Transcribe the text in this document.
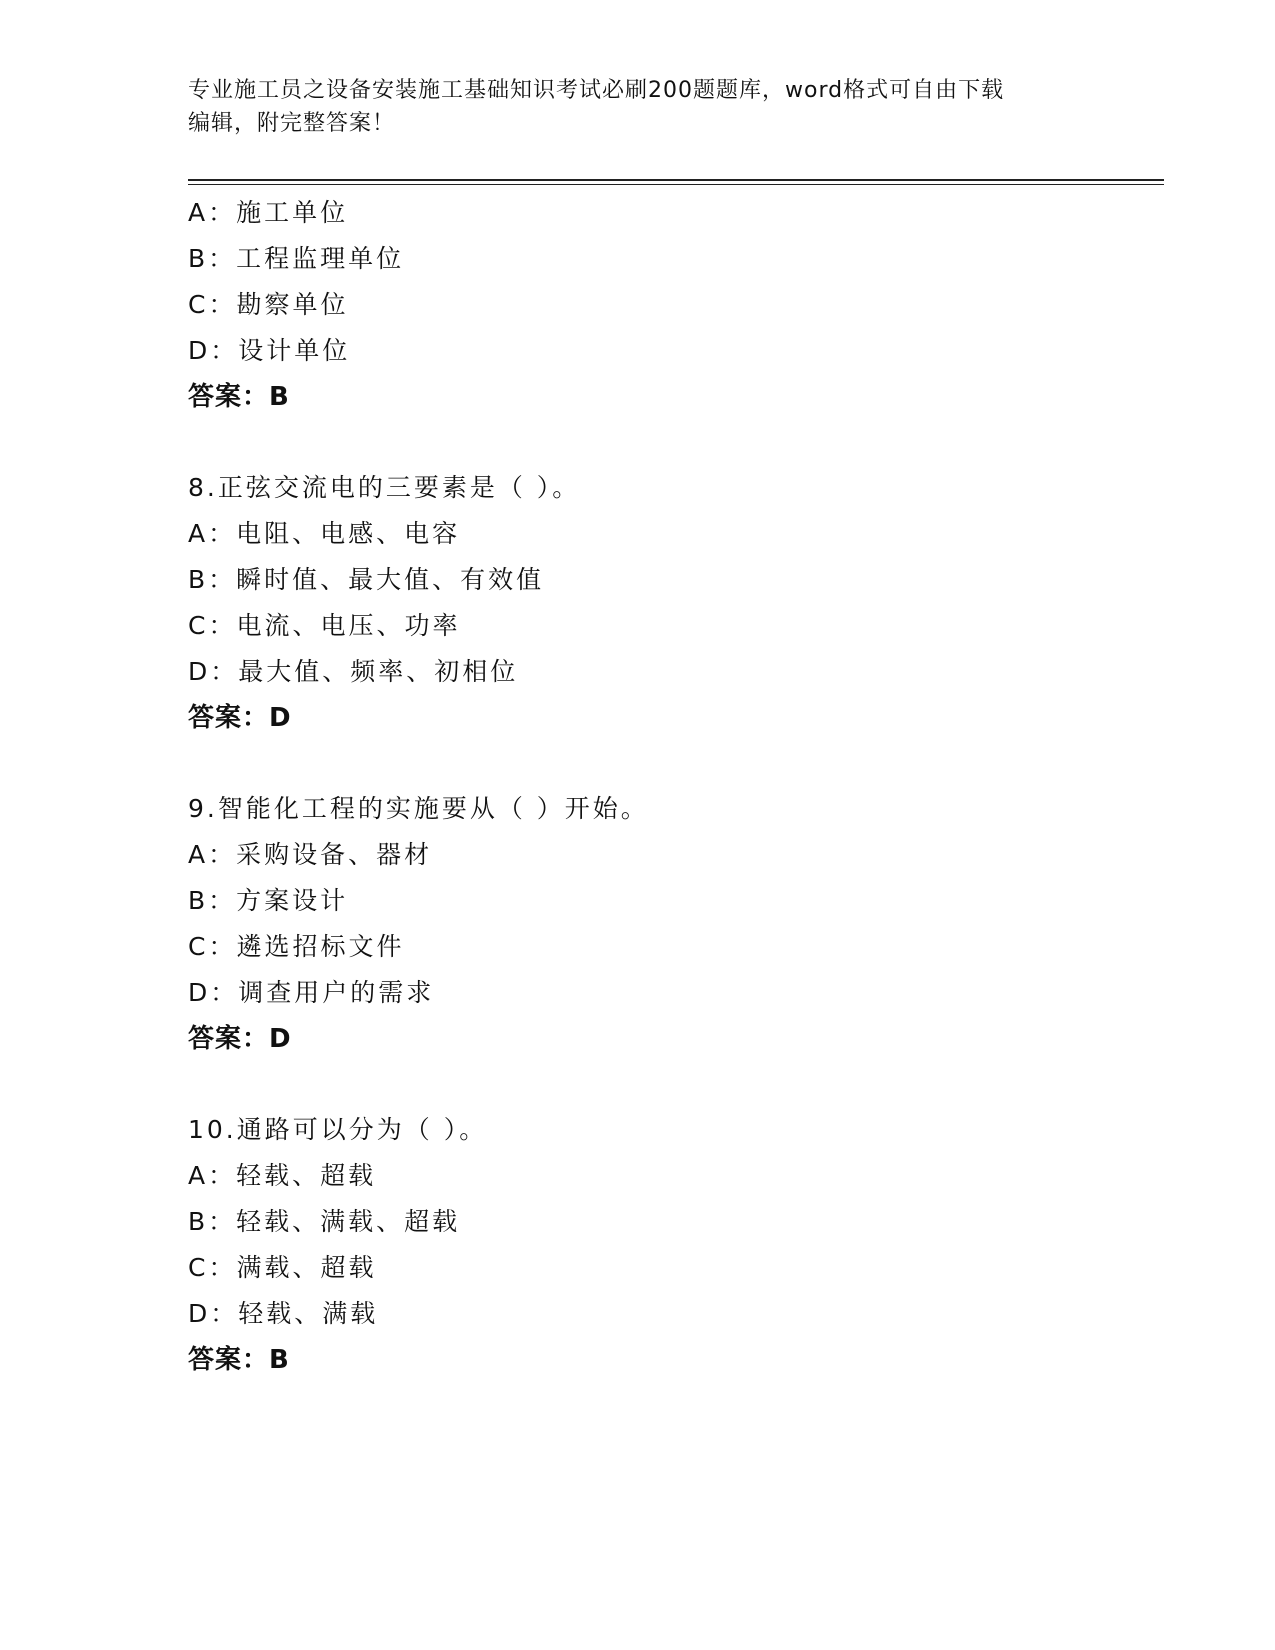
专业施工员之设备安装施工基础知识考试必刷200题题库，word格式可自由下载
编辑，附完整答案！
A：施工单位
B：工程监理单位
C：勘察单位
D：设计单位
答案：B
8.正弦交流电的三要素是（ ）。
A：电阻、电感、电容
B：瞬时值、最大值、有效值
C：电流、电压、功率
D：最大值、频率、初相位
答案：D
9.智能化工程的实施要从（ ）开始。
A：采购设备、器材
B：方案设计
C：遴选招标文件
D：调查用户的需求
答案：D
10.通路可以分为（ ）。
A：轻载、超载
B：轻载、满载、超载
C：满载、超载
D：轻载、满载
答案：B
